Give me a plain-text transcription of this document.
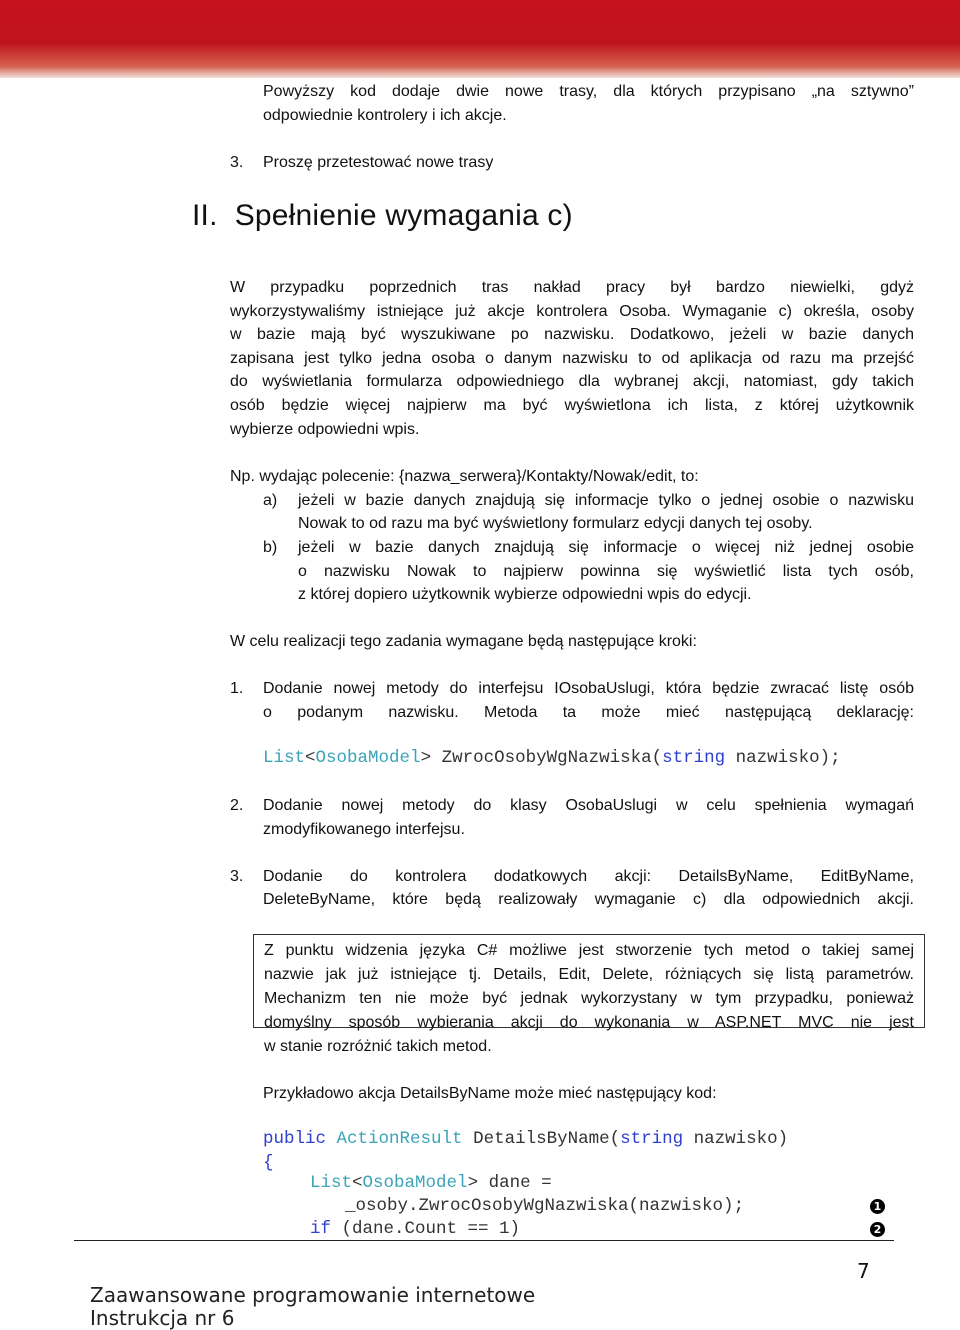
Powyższy kod dodaje dwie nowe trasy, dla których przypisano „na sztywno”
odpowiednie kontrolery i ich akcje.
3. Proszę przetestować nowe trasy
II. Spełnienie wymagania c)
W przypadku poprzednich tras nakład pracy był bardzo niewielki, gdyż
wykorzystywaliśmy istniejące już akcje kontrolera Osoba. Wymaganie c) określa, osoby
w bazie mają być wyszukiwane po nazwisku. Dodatkowo, jeżeli w bazie danych
zapisana jest tylko jedna osoba o danym nazwisku to od aplikacja od razu ma przejść
do wyświetlania formularza odpowiedniego dla wybranej akcji, natomiast, gdy takich
osób będzie więcej najpierw ma być wyświetlona ich lista, z której użytkownik
wybierze odpowiedni wpis.
Np. wydając polecenie: {nazwa_serwera}/Kontakty/Nowak/edit, to:
a) jeżeli w bazie danych znajdują się informacje tylko o jednej osobie o nazwisku
Nowak to od razu ma być wyświetlony formularz edycji danych tej osoby.
b) jeżeli w bazie danych znajdują się informacje o więcej niż jednej osobie
o nazwisku Nowak to najpierw powinna się wyświetlić lista tych osób,
z której dopiero użytkownik wybierze odpowiedni wpis do edycji.
W celu realizacji tego zadania wymagane będą następujące kroki:
1. Dodanie nowej metody do interfejsu IOsobaUslugi, która będzie zwracać listę osób
o podanym nazwisku. Metoda ta może mieć następującą deklarację:
List<OsobaModel> ZwrocOsobyWgNazwiska(string nazwisko);
2. Dodanie nowej metody do klasy OsobaUslugi w celu spełnienia wymagań
zmodyfikowanego interfejsu.
3. Dodanie do kontrolera dodatkowych akcji: DetailsByName, EditByName,
DeleteByName, które będą realizowały wymaganie c) dla odpowiednich akcji.
Z punktu widzenia języka C# możliwe jest stworzenie tych metod o takiej samej
nazwie jak już istniejące tj. Details, Edit, Delete, różniących się listą parametrów.
Mechanizm ten nie może być jednak wykorzystany w tym przypadku, ponieważ
domyślny sposób wybierania akcji do wykonania w ASP.NET MVC nie jest
w stanie rozróżnić takich metod.
Przykładowo akcja DetailsByName może mieć następujący kod:
public ActionResult DetailsByName(string nazwisko)
{
List<OsobaModel> dane =
_osoby.ZwrocOsobyWgNazwiska(nazwisko);
if (dane.Count == 1)
1
2
7
Zaawansowane programowanie internetowe
Instrukcja nr 6
